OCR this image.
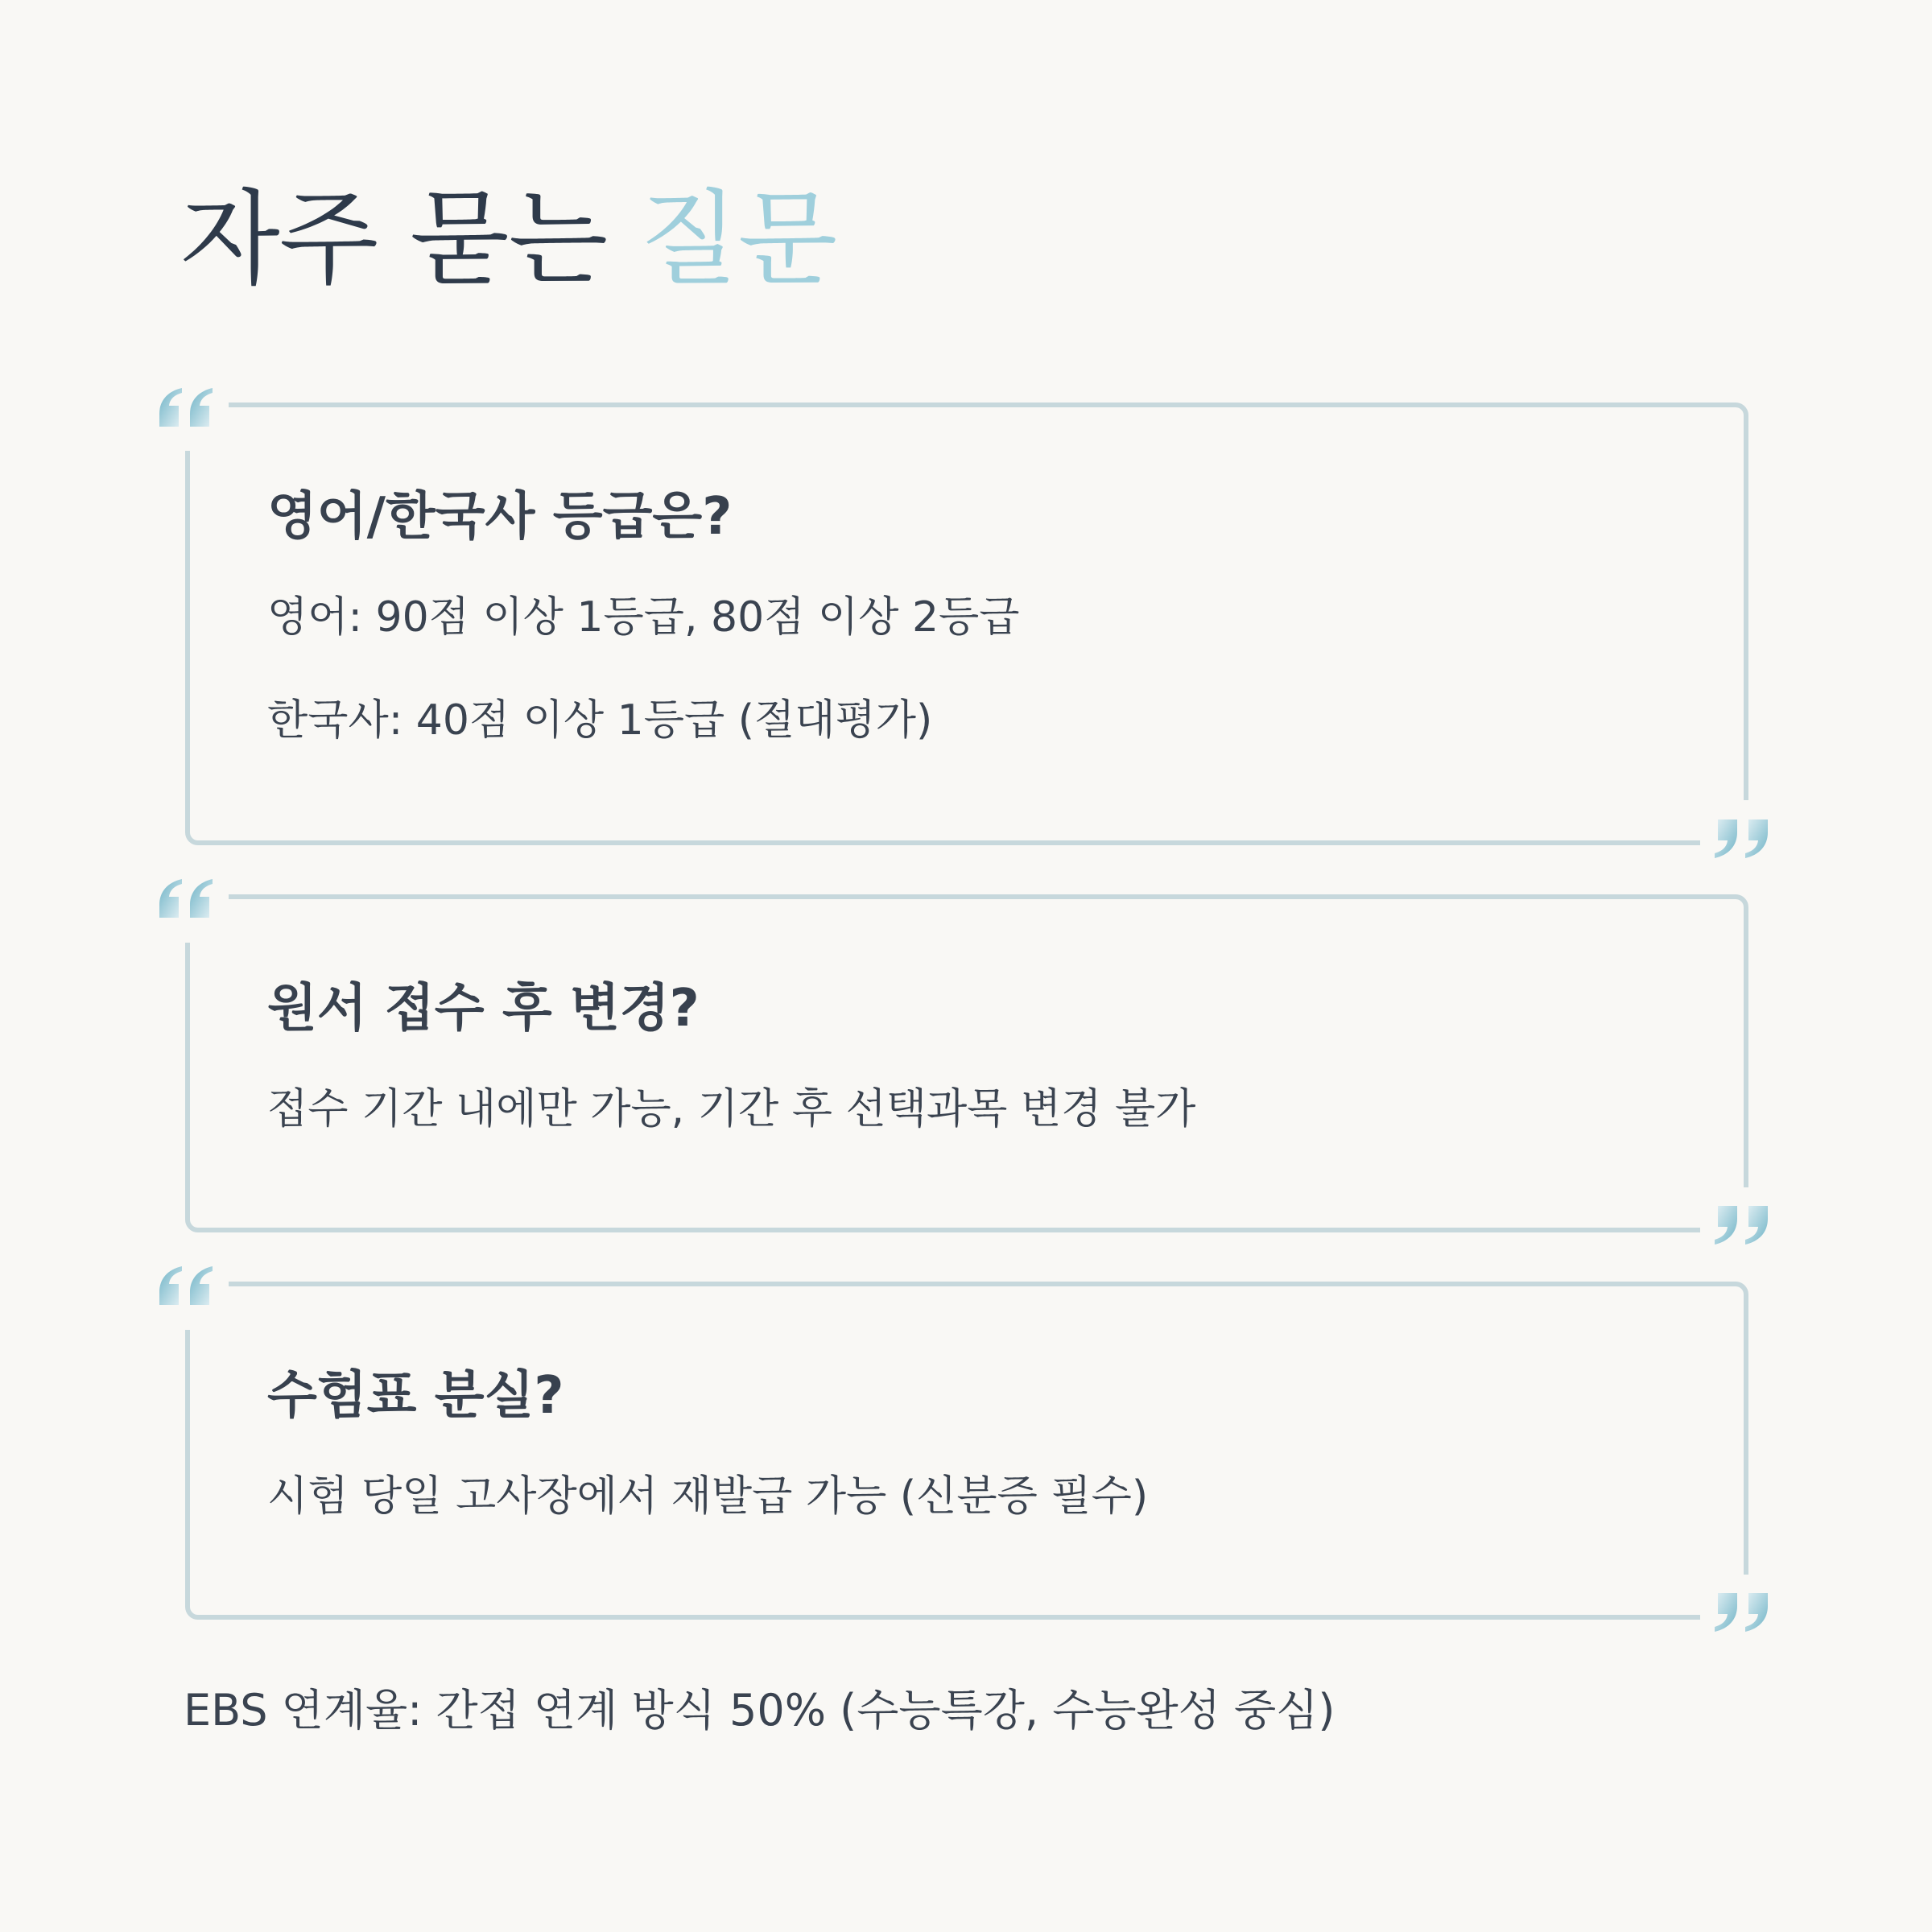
자주 묻는 질문
영어/한국사 등급은?

영어: 90점 이상 1등급, 80점 이상 2등급

한국사: 40점 이상 1등급 (절대평가)

원서 접수 후 변경?

접수 기간 내에만 가능, 기간 후 선택과목 변경 불가

수험표 분실?

시험 당일 고사장에서 재발급 가능 (신분증 필수)

EBS 연계율: 간접 연계 방식 50% (수능특강, 수능완성 중심)
